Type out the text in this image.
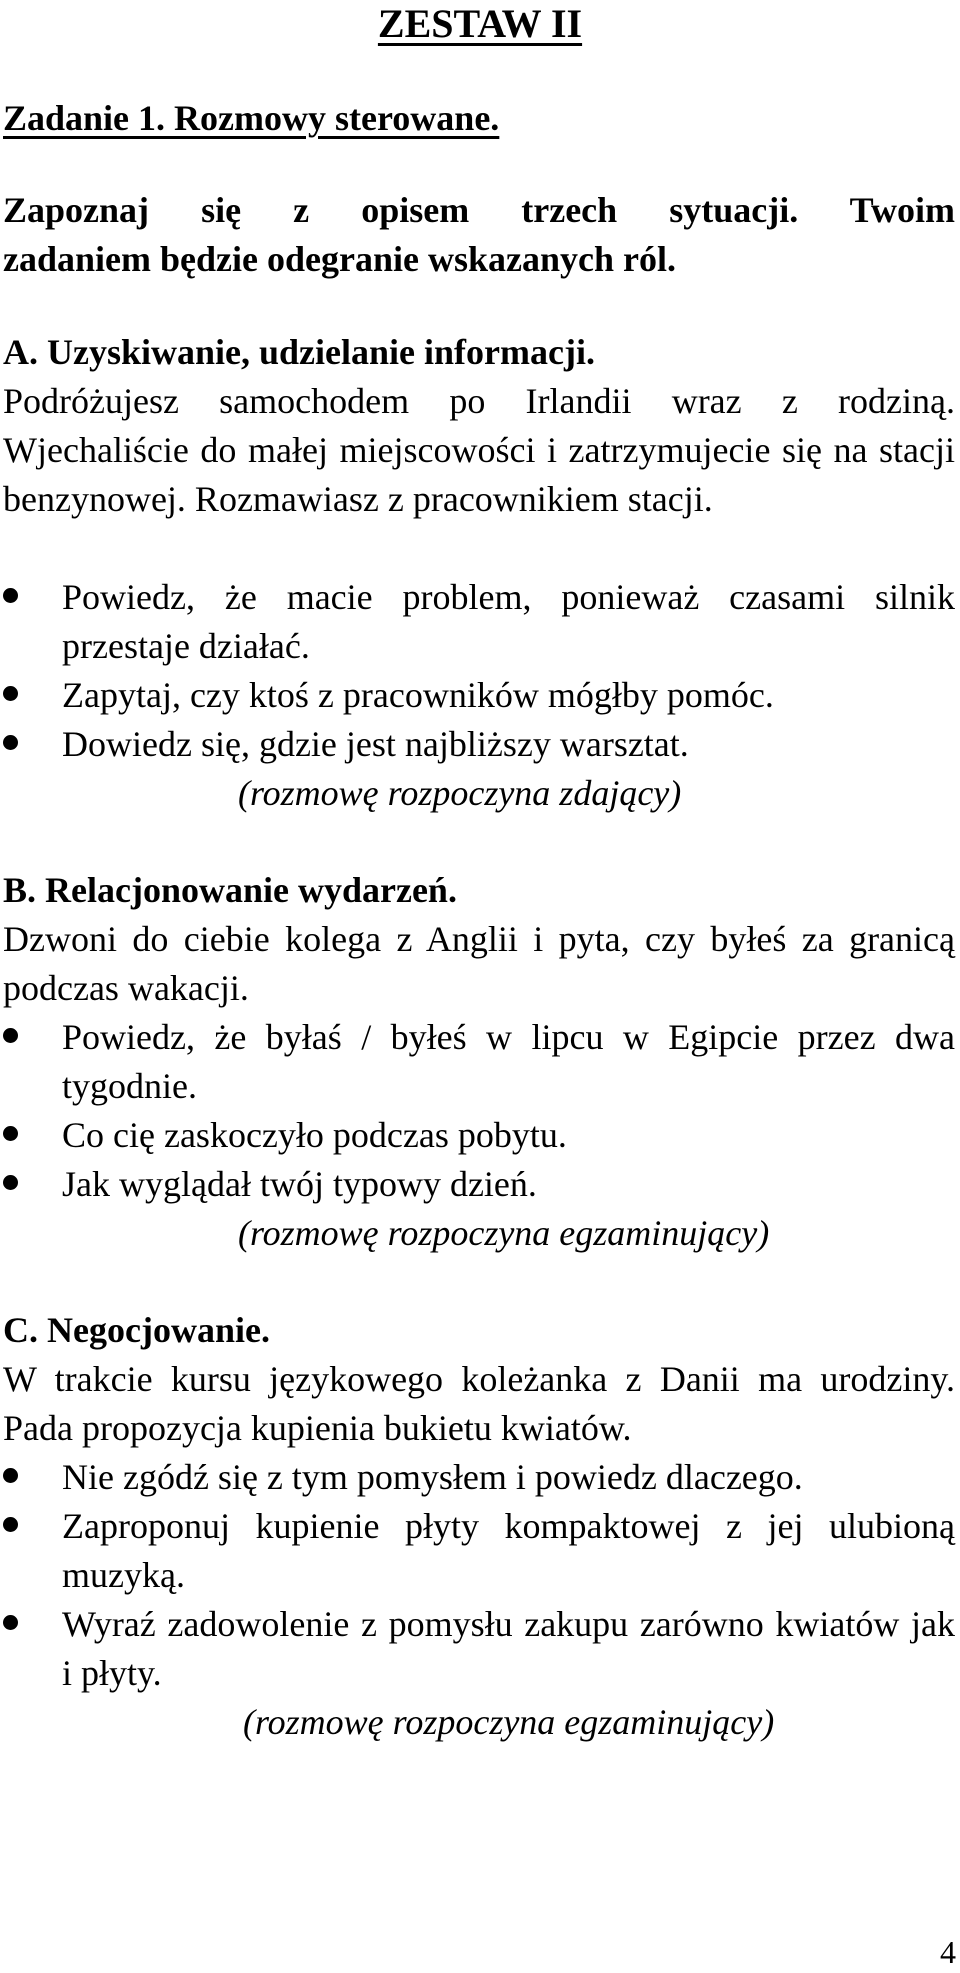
ZESTAW II

Zadanie 1. Rozmowy sterowane.

Zapoznaj się z opisem trzech sytuacji. Twoim

zadaniem będzie odegranie wskazanych ról.

A. Uzyskiwanie, udzielanie informacji.

Podróżujesz samochodem po Irlandii wraz z rodziną. Wjechaliście do małej miejscowości i zatrzymujecie się na stacji benzynowej. Rozmawiasz z pracownikiem stacji.

Powiedz, że macie problem, ponieważ czasami silnik przestaje działać.
Zapytaj, czy ktoś z pracowników mógłby pomóc.
Dowiedz się, gdzie jest najbliższy warsztat.

(rozmowę rozpoczyna zdający)

B. Relacjonowanie wydarzeń.

Dzwoni do ciebie kolega z Anglii i pyta, czy byłeś za granicą podczas wakacji.

Powiedz, że byłaś / byłeś w lipcu w Egipcie przez dwa tygodnie.
Co cię zaskoczyło podczas pobytu.
Jak wyglądał twój typowy dzień.

(rozmowę rozpoczyna egzaminujący)

C. Negocjowanie.

W trakcie kursu językowego koleżanka z Danii ma urodziny. Pada propozycja kupienia bukietu kwiatów.

Nie zgódź się z tym pomysłem i powiedz dlaczego.
Zaproponuj kupienie płyty kompaktowej z jej ulubioną muzyką.
Wyraź zadowolenie z pomysłu zakupu zarówno kwiatów jak i płyty.

(rozmowę rozpoczyna egzaminujący)

4
